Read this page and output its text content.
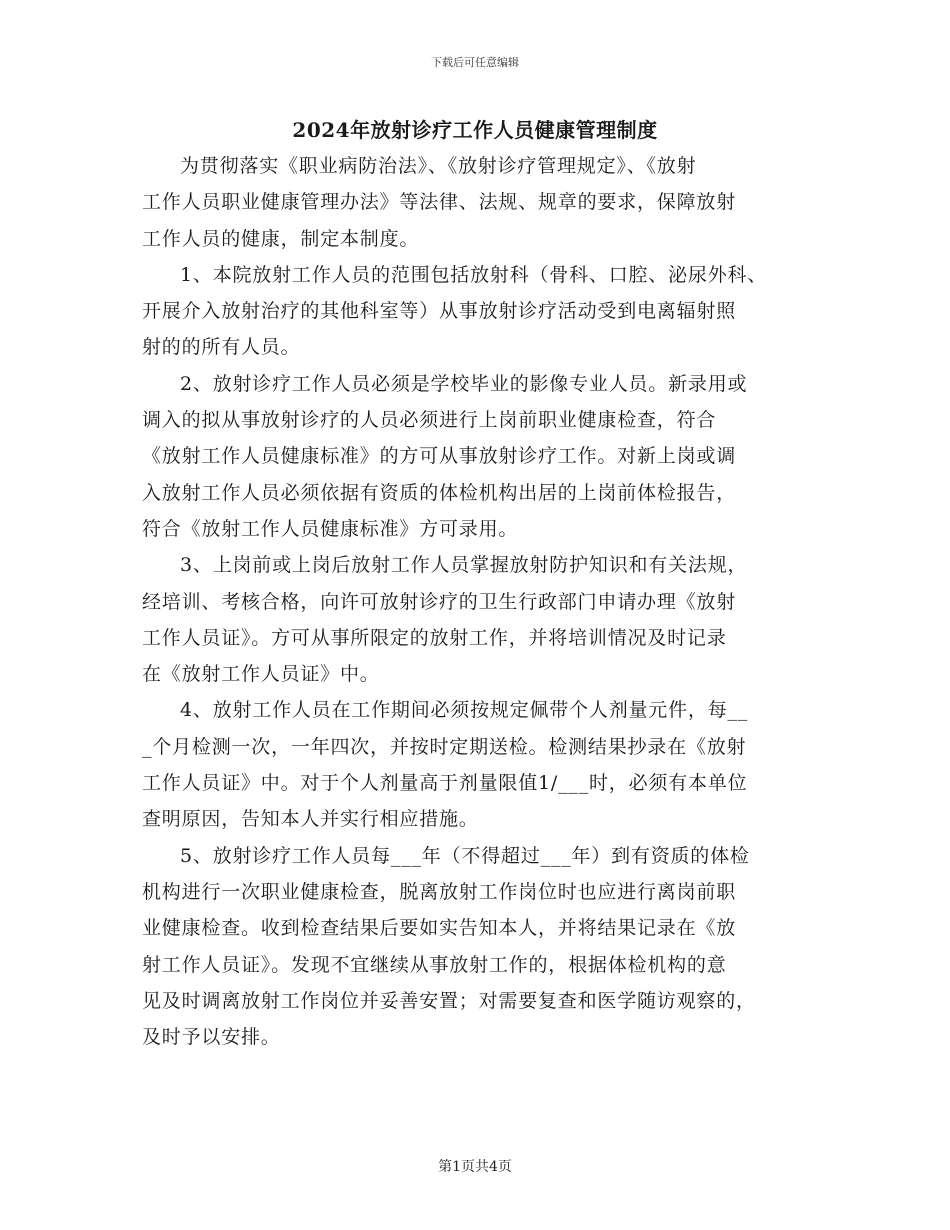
下载后可任意编辑
2024年放射诊疗工作人员健康管理制度
为贯彻落实《职业病防治法》、《放射诊疗管理规定》、《放射
工作人员职业健康管理办法》等法律、法规、规章的要求，保障放射
工作人员的健康，制定本制度。
1、本院放射工作人员的范围包括放射科（骨科、口腔、泌尿外科、
开展介入放射治疗的其他科室等）从事放射诊疗活动受到电离辐射照
射的的所有人员。
2、放射诊疗工作人员必须是学校毕业的影像专业人员。新录用或
调入的拟从事放射诊疗的人员必须进行上岗前职业健康检查，符合
《放射工作人员健康标准》的方可从事放射诊疗工作。对新上岗或调
入放射工作人员必须依据有资质的体检机构出居的上岗前体检报告，
符合《放射工作人员健康标准》方可录用。
3、上岗前或上岗后放射工作人员掌握放射防护知识和有关法规，
经培训、考核合格，向许可放射诊疗的卫生行政部门申请办理《放射
工作人员证》。方可从事所限定的放射工作，并将培训情况及时记录
在《放射工作人员证》中。
4、放射工作人员在工作期间必须按规定佩带个人剂量元件，每__
_个月检测一次，一年四次，并按时定期送检。检测结果抄录在《放射
工作人员证》中。对于个人剂量高于剂量限值1/___时，必须有本单位
查明原因，告知本人并实行相应措施。
5、放射诊疗工作人员每___年（不得超过___年）到有资质的体检
机构进行一次职业健康检查，脱离放射工作岗位时也应进行离岗前职
业健康检查。收到检查结果后要如实告知本人，并将结果记录在《放
射工作人员证》。发现不宜继续从事放射工作的，根据体检机构的意
见及时调离放射工作岗位并妥善安置；对需要复查和医学随访观察的，
及时予以安排。
第1页共4页
